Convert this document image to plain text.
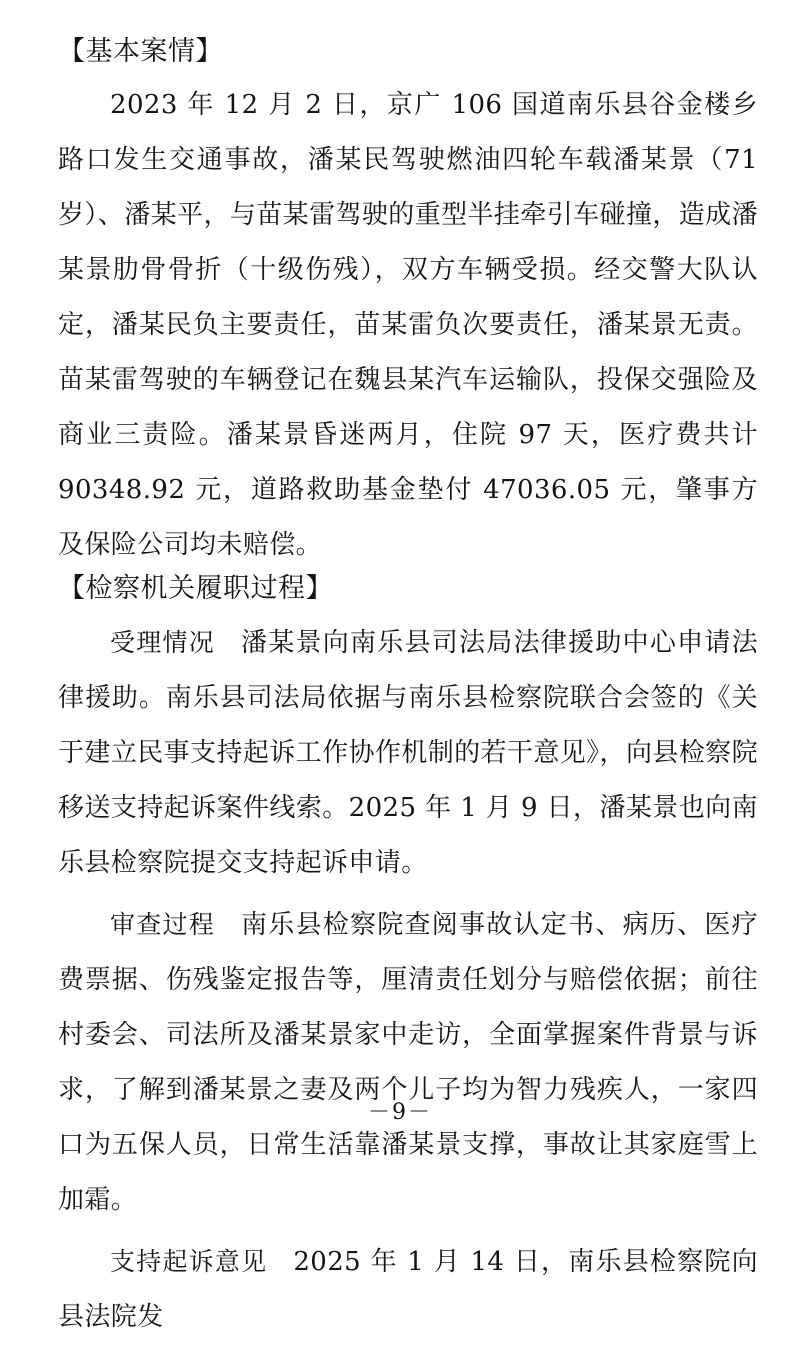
【基本案情】

2023 年 12 月 2 日，京广 106 国道南乐县谷金楼乡路口发生交通事故，潘某民驾驶燃油四轮车载潘某景（71 岁）、潘某平，与苗某雷驾驶的重型半挂牵引车碰撞，造成潘某景肋骨骨折（十级伤残），双方车辆受损。经交警大队认定，潘某民负主要责任，苗某雷负次要责任，潘某景无责。苗某雷驾驶的车辆登记在魏县某汽车运输队，投保交强险及商业三责险。潘某景昏迷两月，住院 97 天，医疗费共计 90348.92 元，道路救助基金垫付 47036.05 元，肇事方及保险公司均未赔偿。

【检察机关履职过程】

受理情况 潘某景向南乐县司法局法律援助中心申请法律援助。南乐县司法局依据与南乐县检察院联合会签的《关于建立民事支持起诉工作协作机制的若干意见》，向县检察院移送支持起诉案件线索。2025 年 1 月 9 日，潘某景也向南乐县检察院提交支持起诉申请。

审查过程 南乐县检察院查阅事故认定书、病历、医疗费票据、伤残鉴定报告等，厘清责任划分与赔偿依据；前往村委会、司法所及潘某景家中走访，全面掌握案件背景与诉求，了解到潘某景之妻及两个儿子均为智力残疾人，一家四口为五保人员，日常生活靠潘某景支撑，事故让其家庭雪上加霜。

支持起诉意见 2025 年 1 月 14 日，南乐县检察院向县法院发

－9－
